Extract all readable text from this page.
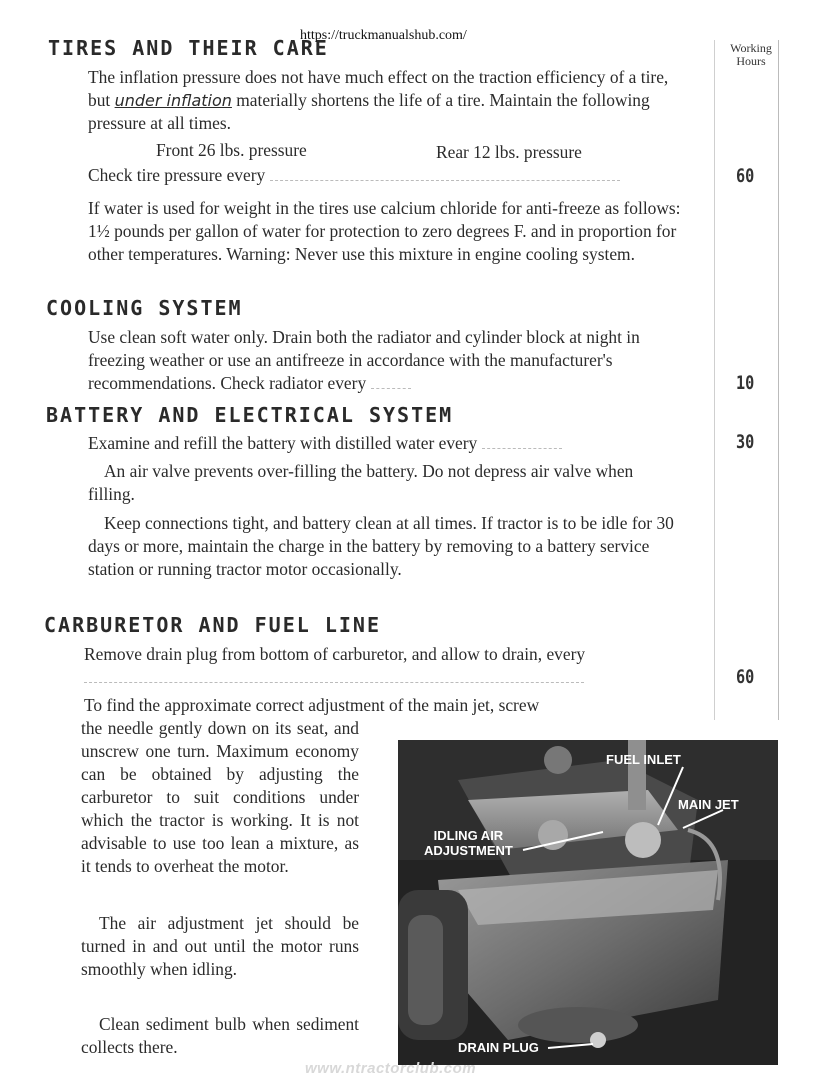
https://truckmanualshub.com/
Working
Hours
TIRES AND THEIR CARE
The inflation pressure does not have much effect on the traction efficiency of a tire, but under inflation materially shortens the life of a tire. Maintain the following pressure at all times.
Front 26 lbs. pressure	Rear 12 lbs. pressure
Check tire pressure every	60
If water is used for weight in the tires use calcium chloride for anti-freeze as follows: 1½ pounds per gallon of water for protection to zero degrees F. and in proportion for other temperatures. Warning: Never use this mixture in engine cooling system.
COOLING SYSTEM
Use clean soft water only. Drain both the radiator and cylinder block at night in freezing weather or use an antifreeze in accordance with the manufacturer's recommendations. Check radiator every	10
BATTERY AND ELECTRICAL SYSTEM
Examine and refill the battery with distilled water every	30
An air valve prevents over-filling the battery. Do not depress air valve when filling.
Keep connections tight, and battery clean at all times. If tractor is to be idle for 30 days or more, maintain the charge in the battery by removing to a battery service station or running tractor motor occasionally.
CARBURETOR AND FUEL LINE
Remove drain plug from bottom of carburetor, and allow to drain, every
60
To find the approximate correct adjustment of the main jet, screw
the needle gently down on its seat, and unscrew one turn. Maximum economy can be obtained by adjusting the carburetor to suit conditions under which the tractor is working. It is not advisable to use too lean a mixture, as it tends to overheat the motor.
The air adjustment jet should be turned in and out until the motor runs smoothly when idling.
Clean sediment bulb when sediment collects there.
FUEL INLET
MAIN JET
IDLING AIR
ADJUSTMENT
DRAIN PLUG
www.ntractorclub.com
